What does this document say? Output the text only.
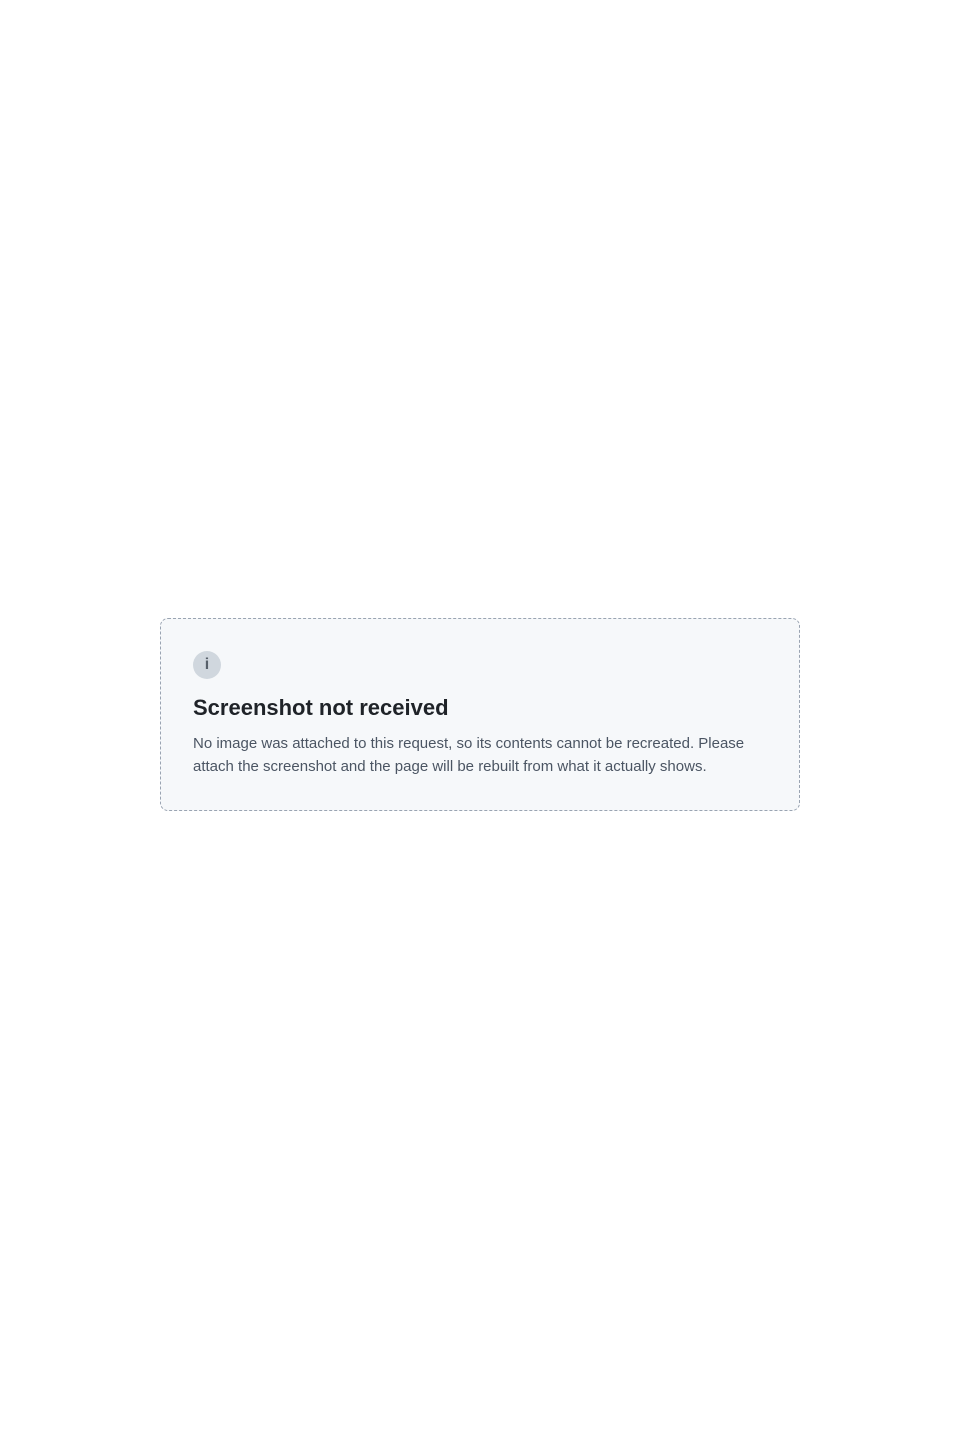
i
Screenshot not received
No image was attached to this request, so its contents cannot be recreated. Please attach the screenshot and the page will be rebuilt from what it actually shows.
